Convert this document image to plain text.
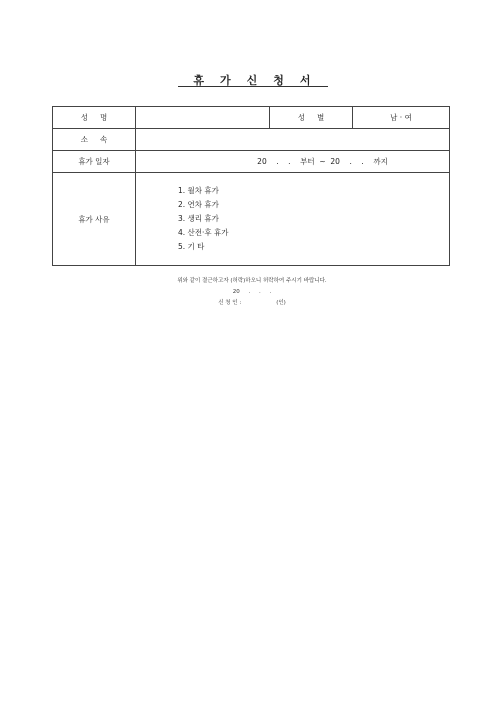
휴가신청서
성명		성별	남 · 여
소속			
휴가 일자	20    .    .    부터  ~  20    .    .    까지		
휴가 사유	1. 월차 휴가
2. 연차 휴가
3. 생리 휴가
4. 산전·후 휴가
5. 기 타		
위와 같이 결근하고자 (허락)하오니 허락하여 주시기 바랍니다.
20     .     .     .
신 청 인 :                    (인)
